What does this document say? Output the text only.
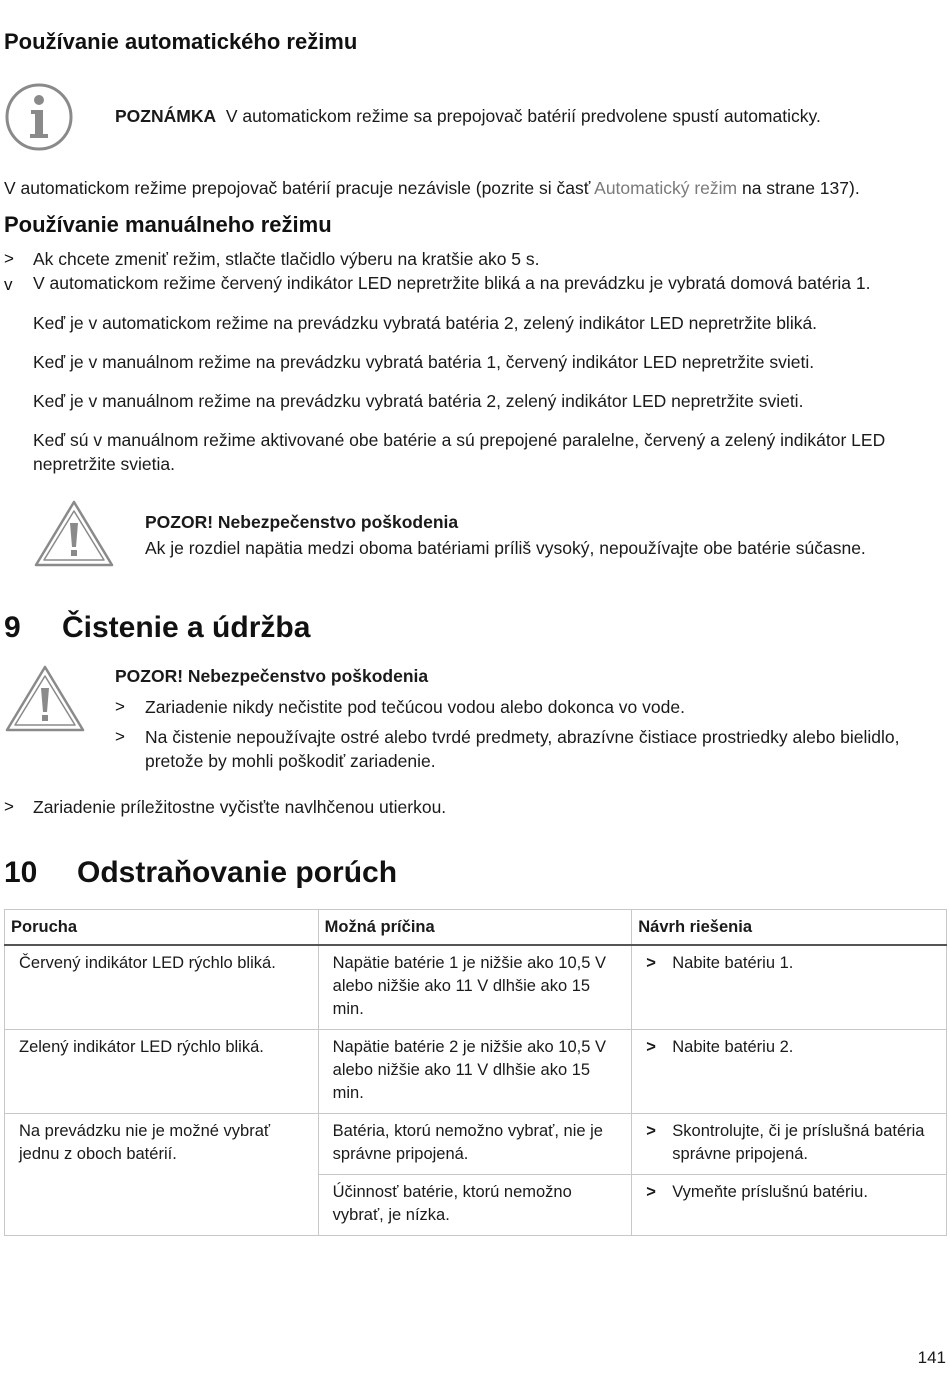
Používanie automatického režimu

POZNÁMKA V automatickom režime sa prepojovač batérií predvolene spustí automaticky.

V automatickom režime prepojovač batérií pracuje nezávisle (pozrite si časť Automatický režim na strane 137).

Používanie manuálneho režimu
> Ak chcete zmeniť režim, stlačte tlačidlo výberu na kratšie ako 5 s.
v V automatickom režime červený indikátor LED nepretržite bliká a na prevádzku je vybratá domová batéria 1.

Keď je v automatickom režime na prevádzku vybratá batéria 2, zelený indikátor LED nepretržite bliká.

Keď je v manuálnom režime na prevádzku vybratá batéria 1, červený indikátor LED nepretržite svieti.

Keď je v manuálnom režime na prevádzku vybratá batéria 2, zelený indikátor LED nepretržite svieti.

Keď sú v manuálnom režime aktivované obe batérie a sú prepojené paralelne, červený a zelený indikátor LED nepretržite svietia.

POZOR! Nebezpečenstvo poškodenia

Ak je rozdiel napätia medzi oboma batériami príliš vysoký, nepoužívajte obe batérie súčasne.

9	Čistenie a údržba

POZOR! Nebezpečenstvo poškodenia

> Zariadenie nikdy nečistite pod tečúcou vodou alebo dokonca vo vode.
> Na čistenie nepoužívajte ostré alebo tvrdé predmety, abrazívne čistiace prostriedky alebo bielidlo, pretože by mohli poškodiť zariadenie.
> Zariadenie príležitostne vyčisťte navlhčenou utierkou.
10	Odstraňovanie porúch
Porucha	Možná príčina	Návrh riešenia
Červený indikátor LED rýchlo bliká.	Napätie batérie 1 je nižšie ako 10,5 V alebo nižšie ako 11 V dlhšie ako 15 min.	> Nabite batériu 1.

Zelený indikátor LED rýchlo bliká.	Napätie batérie 2 je nižšie ako 10,5 V alebo nižšie ako 11 V dlhšie ako 15 min.	> Nabite batériu 2.

Na prevádzku nie je možné vybrať jednu z oboch batérií.	Batéria, ktorú nemožno vybrať, nie je správne pripojená.	> Skontrolujte, či je príslušná batéria správne pripojená.

	Účinnosť batérie, ktorú nemožno vybrať, je nízka.	> Vymeňte príslušnú batériu.
141
